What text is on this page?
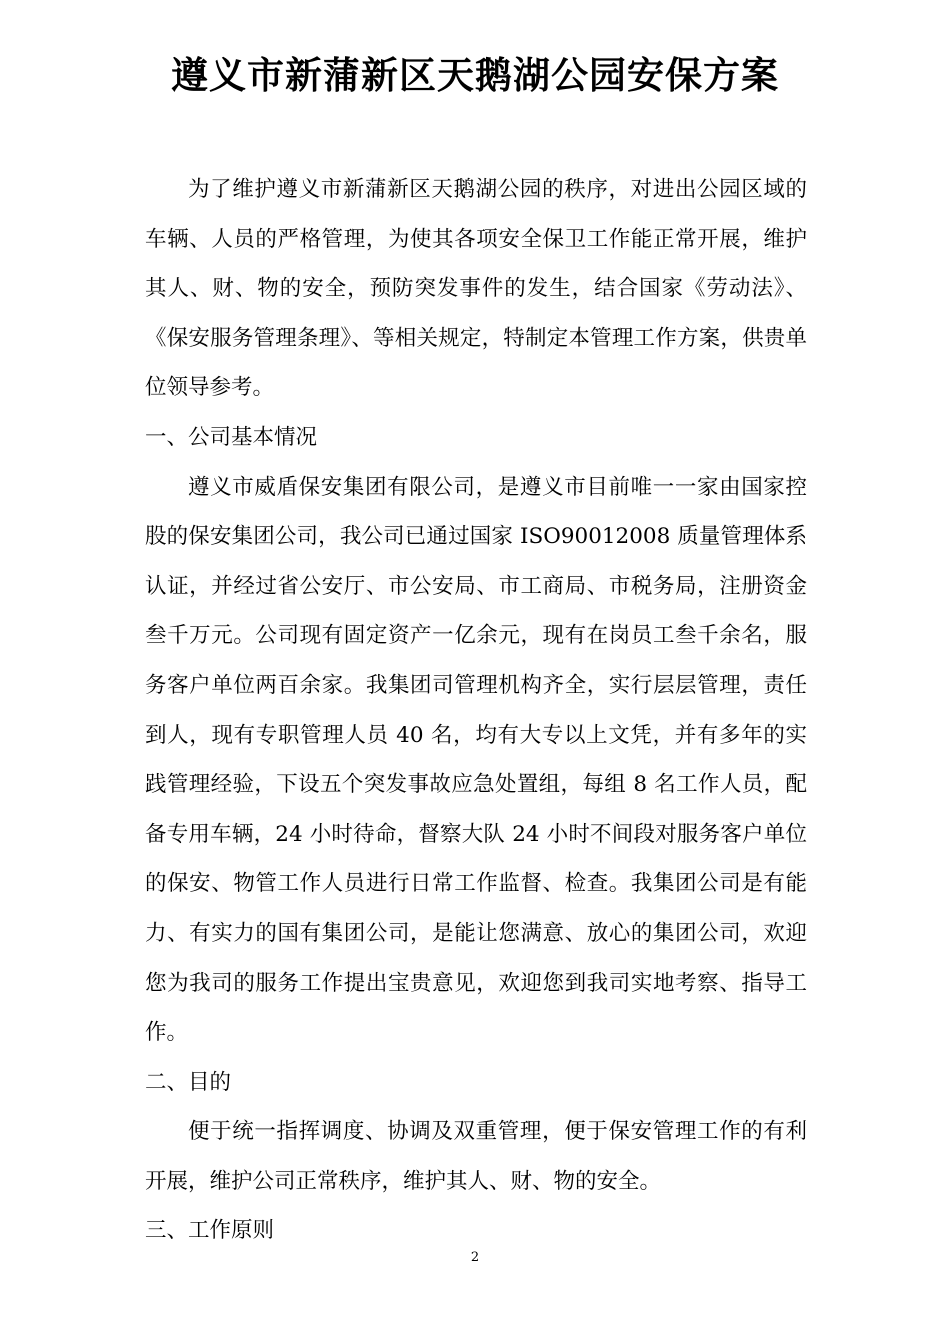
遵义市新蒲新区天鹅湖公园安保方案

为了维护遵义市新蒲新区天鹅湖公园的秩序，对进出公园区域的车辆、人员的严格管理，为使其各项安全保卫工作能正常开展，维护其人、财、物的安全，预防突发事件的发生，结合国家《劳动法》、《保安服务管理条理》、等相关规定，特制定本管理工作方案，供贵单位领导参考。

一、公司基本情况

遵义市威盾保安集团有限公司，是遵义市目前唯一一家由国家控股的保安集团公司，我公司已通过国家 ISO90012008 质量管理体系认证，并经过省公安厅、市公安局、市工商局、市税务局，注册资金叁千万元。公司现有固定资产一亿余元，现有在岗员工叁千余名，服务客户单位两百余家。我集团司管理机构齐全，实行层层管理，责任到人，现有专职管理人员 40 名，均有大专以上文凭，并有多年的实践管理经验，下设五个突发事故应急处置组，每组 8 名工作人员，配备专用车辆，24 小时待命，督察大队 24 小时不间段对服务客户单位的保安、物管工作人员进行日常工作监督、检查。我集团公司是有能力、有实力的国有集团公司，是能让您满意、放心的集团公司，欢迎您为我司的服务工作提出宝贵意见，欢迎您到我司实地考察、指导工作。

二、目的

便于统一指挥调度、协调及双重管理，便于保安管理工作的有利开展，维护公司正常秩序，维护其人、财、物的安全。

三、工作原则

2
